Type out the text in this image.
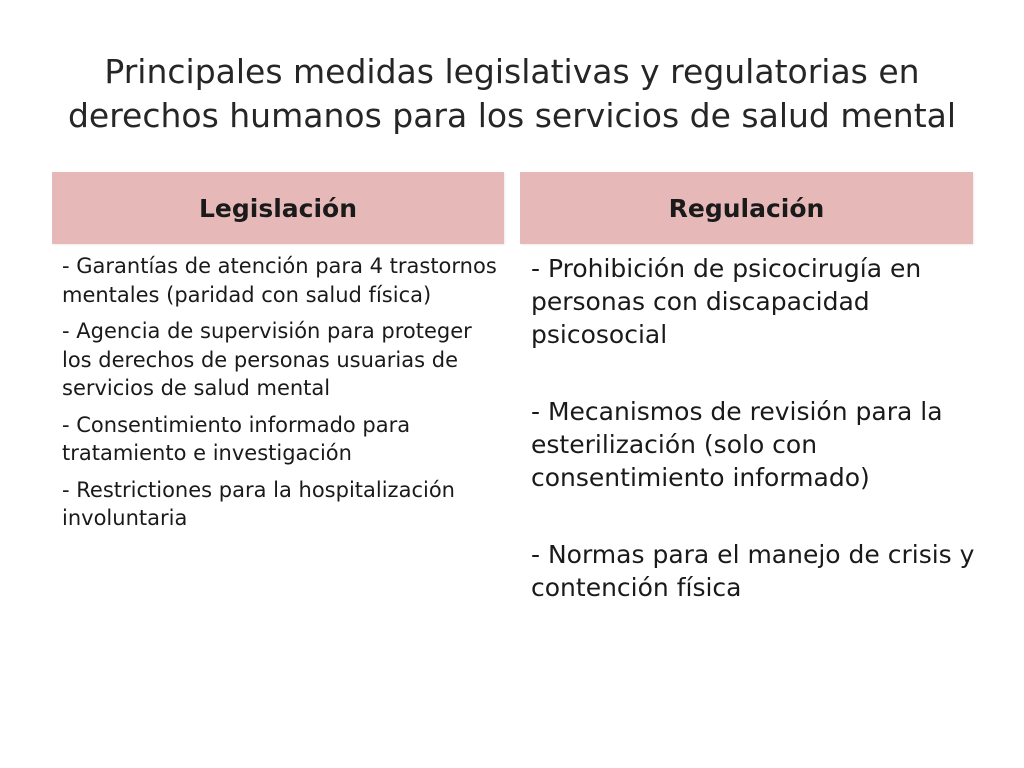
Principales medidas legislativas y regulatorias en
derechos humanos para los servicios de salud mental
Legislación	Regulación

- Garantías de atención para 4 trastornos mentales (paridad con salud física)

- Agencia de supervisión para proteger los derechos de personas usuarias de servicios de salud mental

- Consentimiento informado para tratamiento e investigación

- Restrictiones para la hospitalización involuntaria

- Prohibición de psicocirugía en personas con discapacidad psicosocial

- Mecanismos de revisión para la esterilización (solo con consentimiento informado)

- Normas para el manejo de crisis y contención física
